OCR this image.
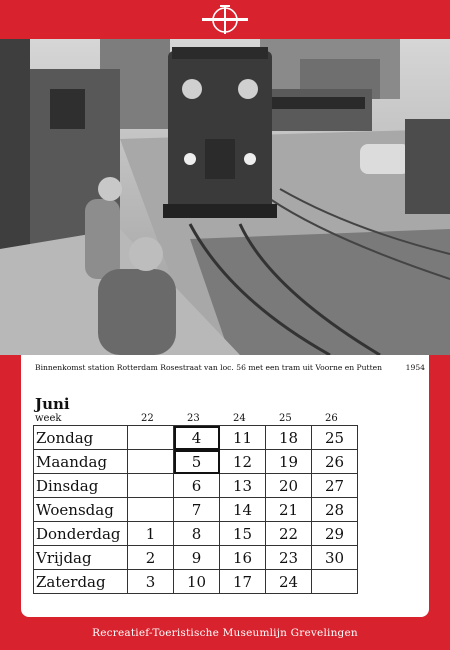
Binnenkomst station Rotterdam Rosestraat van loc. 56 met een tram uit Voorne en Putten	1954
Juni
week	22	23	24	25	26
Zondag		4	11	18	25
Maandag		5	12	19	26
Dinsdag		6	13	20	27
Woensdag		7	14	21	28
Donderdag	1	8	15	22	29
Vrijdag	2	9	16	23	30
Zaterdag	3	10	17	24	
Recreatief-Toeristische Museumlijn Grevelingen
